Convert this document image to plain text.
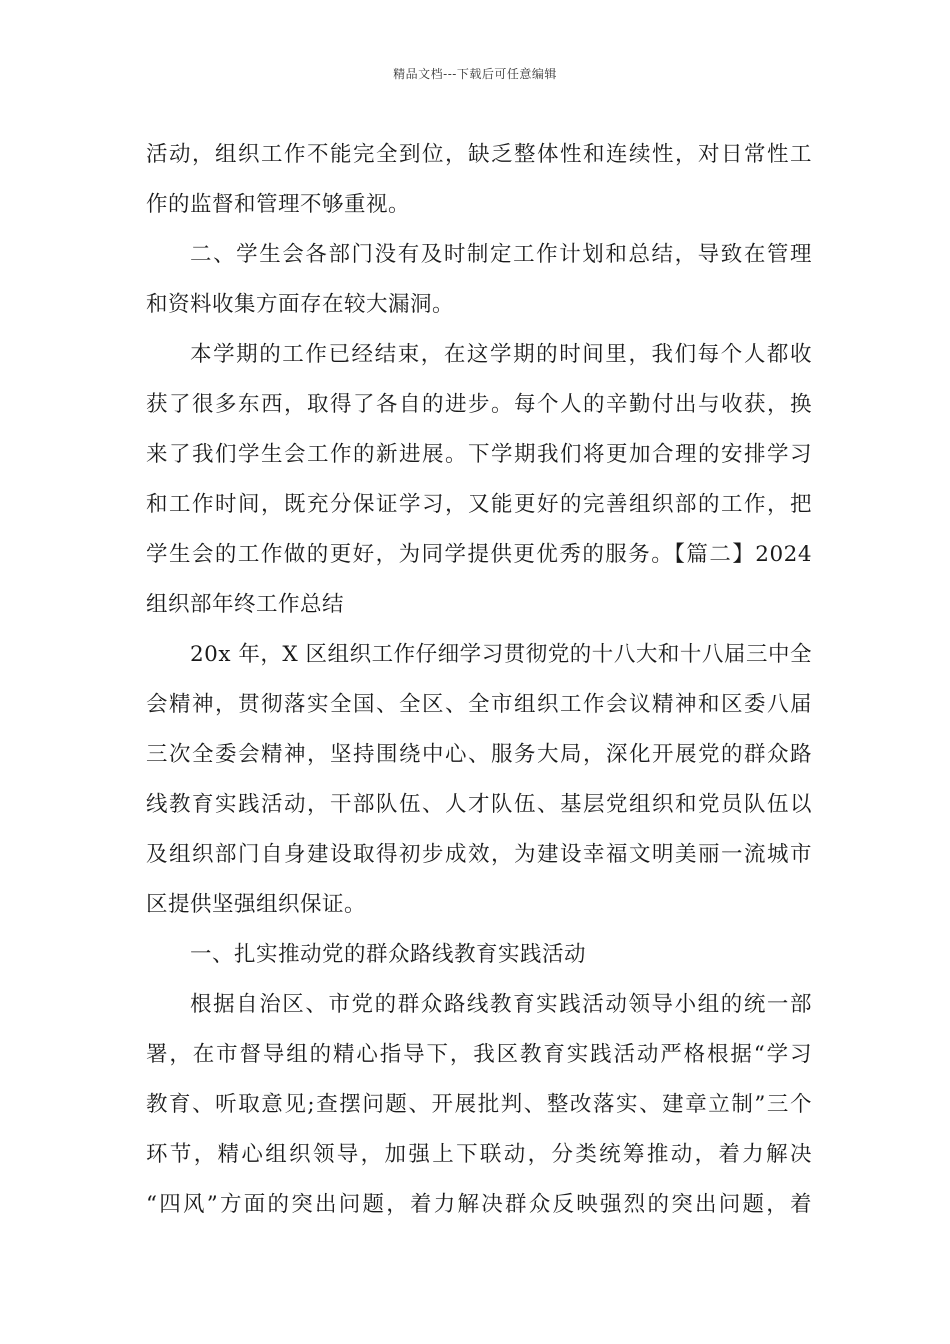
精品文档---下载后可任意编辑
活动，组织工作不能完全到位，缺乏整体性和连续性，对日常性工
作的监督和管理不够重视。
二、学生会各部门没有及时制定工作计划和总结，导致在管理
和资料收集方面存在较大漏洞。
本学期的工作已经结束，在这学期的时间里，我们每个人都收
获了很多东西，取得了各自的进步。每个人的辛勤付出与收获，换
来了我们学生会工作的新进展。下学期我们将更加合理的安排学习
和工作时间，既充分保证学习，又能更好的完善组织部的工作，把
学生会的工作做的更好，为同学提供更优秀的服务。【篇二】2024
组织部年终工作总结
20x 年，X 区组织工作仔细学习贯彻党的十八大和十八届三中全
会精神，贯彻落实全国、全区、全市组织工作会议精神和区委八届
三次全委会精神，坚持围绕中心、服务大局，深化开展党的群众路
线教育实践活动，干部队伍、人才队伍、基层党组织和党员队伍以
及组织部门自身建设取得初步成效，为建设幸福文明美丽一流城市
区提供坚强组织保证。
一、扎实推动党的群众路线教育实践活动
根据自治区、市党的群众路线教育实践活动领导小组的统一部
署，在市督导组的精心指导下，我区教育实践活动严格根据“学习
教育、听取意见;查摆问题、开展批判、整改落实、建章立制”三个
环节，精心组织领导，加强上下联动，分类统筹推动，着力解决
“四风”方面的突出问题，着力解决群众反映强烈的突出问题，着
